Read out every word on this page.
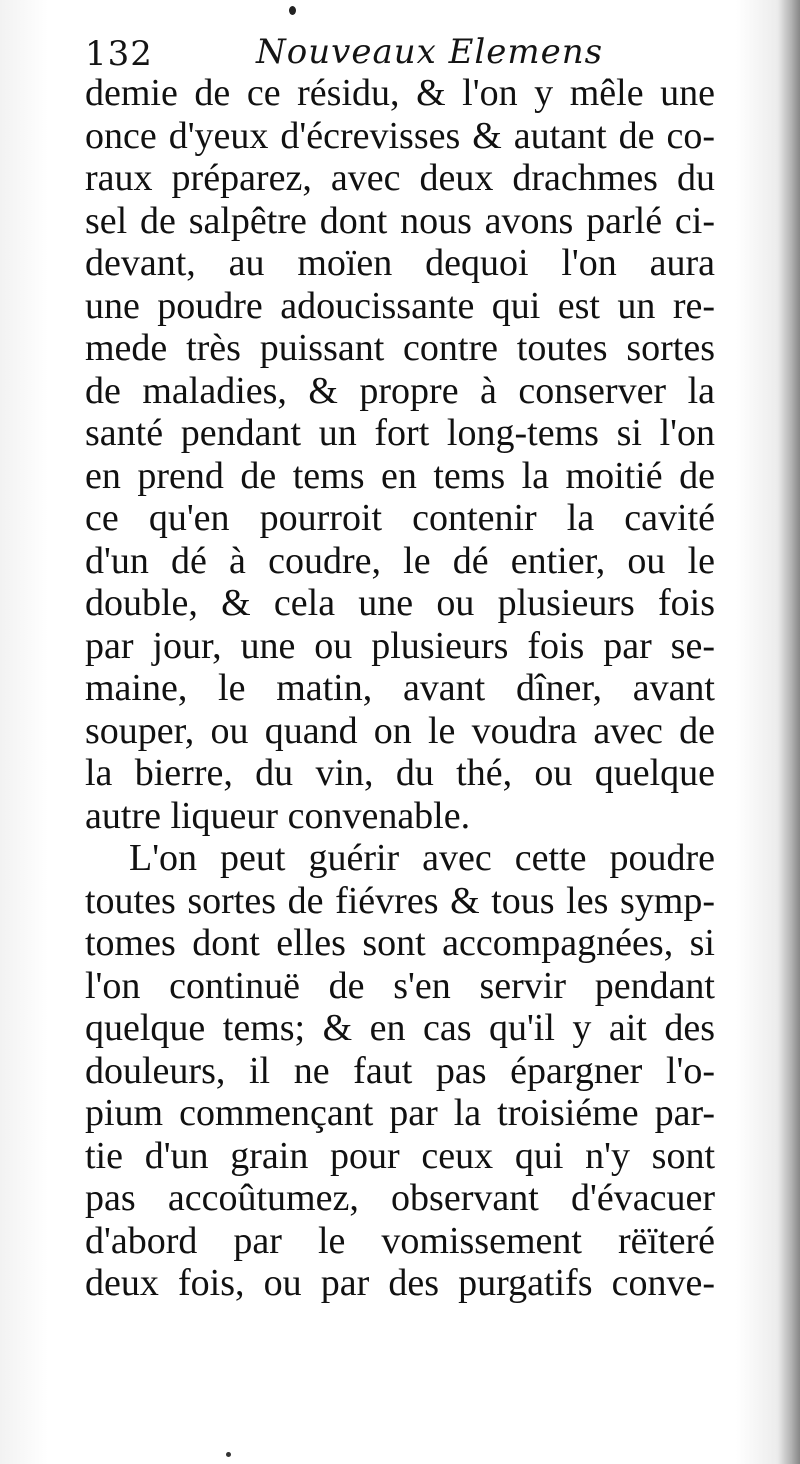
132	Nouveaux Elemens
demie de ce résidu, & l'on y mêle une
once d'yeux d'écrevisses & autant de co-
raux préparez, avec deux drachmes du
sel de salpêtre dont nous avons parlé ci-
devant, au moïen dequoi l'on aura
une poudre adoucissante qui est un re-
mede très puissant contre toutes sortes
de maladies, & propre à conserver la
santé pendant un fort long-tems si l'on
en prend de tems en tems la moitié de
ce qu'en pourroit contenir la cavité
d'un dé à coudre, le dé entier, ou le
double, & cela une ou plusieurs fois
par jour, une ou plusieurs fois par se-
maine, le matin, avant dîner, avant
souper, ou quand on le voudra avec de
la bierre, du vin, du thé, ou quelque
autre liqueur convenable.
L'on peut guérir avec cette poudre
toutes sortes de fiévres & tous les symp-
tomes dont elles sont accompagnées, si
l'on continuë de s'en servir pendant
quelque tems; & en cas qu'il y ait des
douleurs, il ne faut pas épargner l'o-
pium commençant par la troisiéme par-
tie d'un grain pour ceux qui n'y sont
pas accoûtumez, observant d'évacuer
d'abord par le vomissement rëïteré
deux fois, ou par des purgatifs conve-
